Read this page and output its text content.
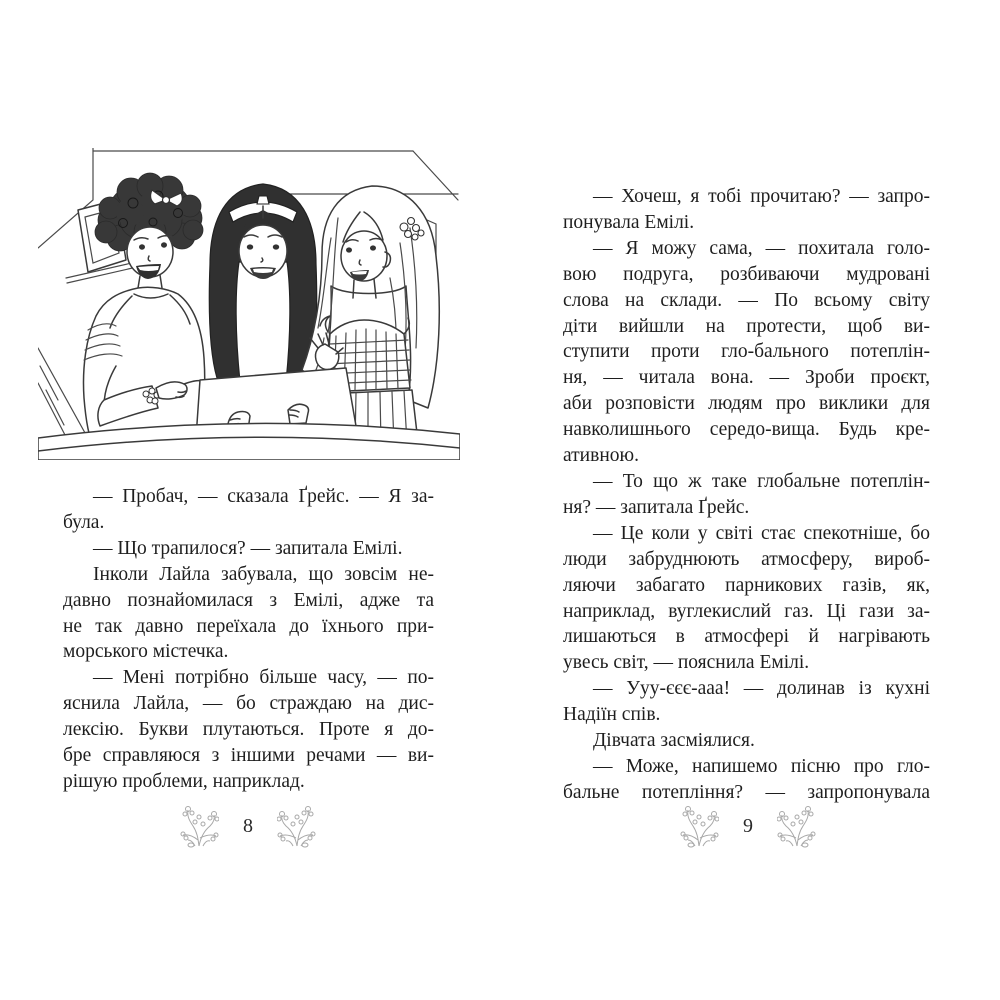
— Пробач, — сказала Ґрейс. — Я за-
була.
— Що трапилося? — запитала Емілі.
Інколи Лайла забувала, що зовсім не-
давно познайомилася з Емілі, адже та
не так давно переїхала до їхнього при-
морського містечка.
— Мені потрібно більше часу, — по-
яснила Лайла, — бо страждаю на дис-
лексію. Букви плутаються. Проте я до-
бре справляюся з іншими речами — ви-
рішую проблеми, наприклад.
— Хочеш, я тобі прочитаю? — запро-
понувала Емілі.
— Я можу сама, — похитала голо-
вою подруга, розбиваючи мудровані
слова на склади. — По всьому світу
діти вийшли на протести, щоб ви-
ступити проти гло-бального потеплін-
ня, — читала вона. — Зроби проєкт,
аби розповісти людям про виклики для
навколишнього середо-вища. Будь кре-
ативною.
— То що ж таке глобальне потеплін-
ня? — запитала Ґрейс.
— Це коли у світі стає спекотніше, бо
люди забруднюють атмосферу, вироб-
ляючи забагато парникових газів, як,
наприклад, вуглекислий газ. Ці гази за-
лишаються в атмосфері й нагрівають
увесь світ, — пояснила Емілі.
— Ууу-єєє-ааа! — долинав із кухні
Надіїн спів.
Дівчата засміялися.
— Може, напишемо пісню про гло-
бальне потепління? — запропонувала
8	9
